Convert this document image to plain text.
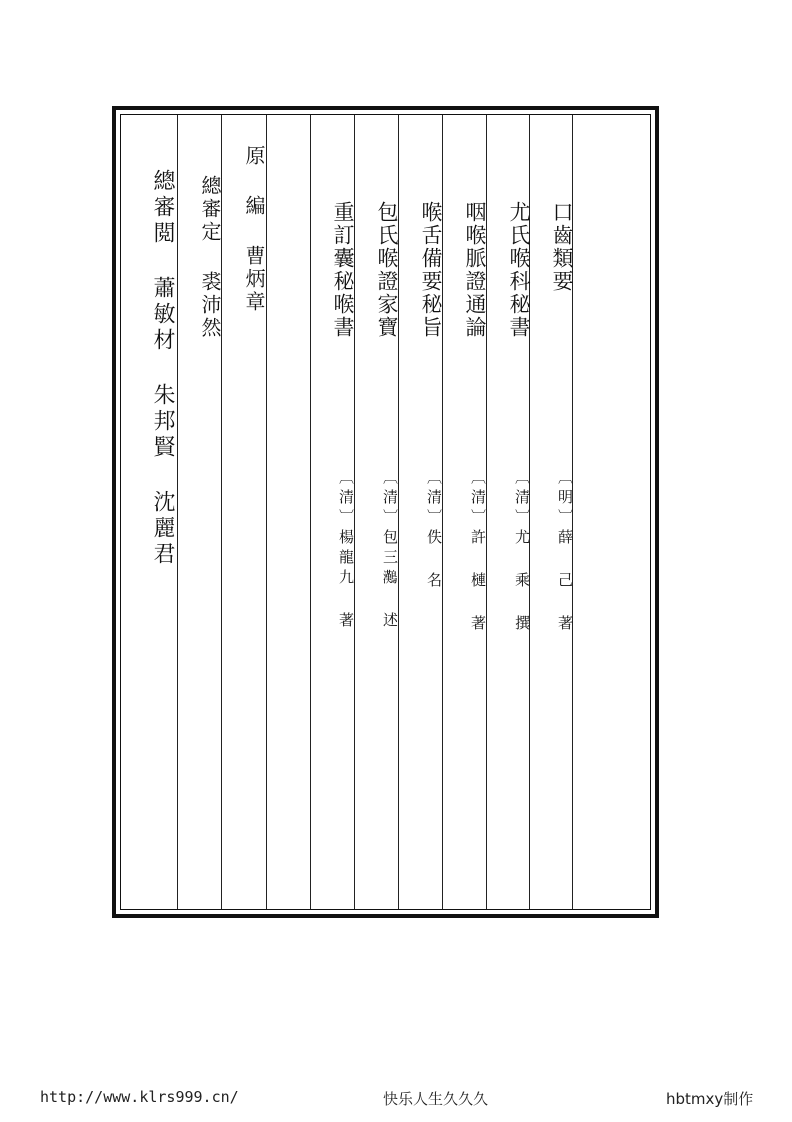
口齒類要
〔明〕薛 己 著
尤氏喉科秘書
〔清〕尤 乘 撰
咽喉脈證通論
〔清〕許 槤 著
喉舌備要秘旨
〔清〕佚 名
包氏喉證家寶
〔清〕包三𤅩 述
重訂囊秘喉書
〔清〕楊龍九 著
原 編 曹炳章
總審定 裘沛然
總審閲 蕭敏材 朱邦賢 沈麗君
http://www.klrs999.cn/	快乐人生久久久	hbtmxy制作
